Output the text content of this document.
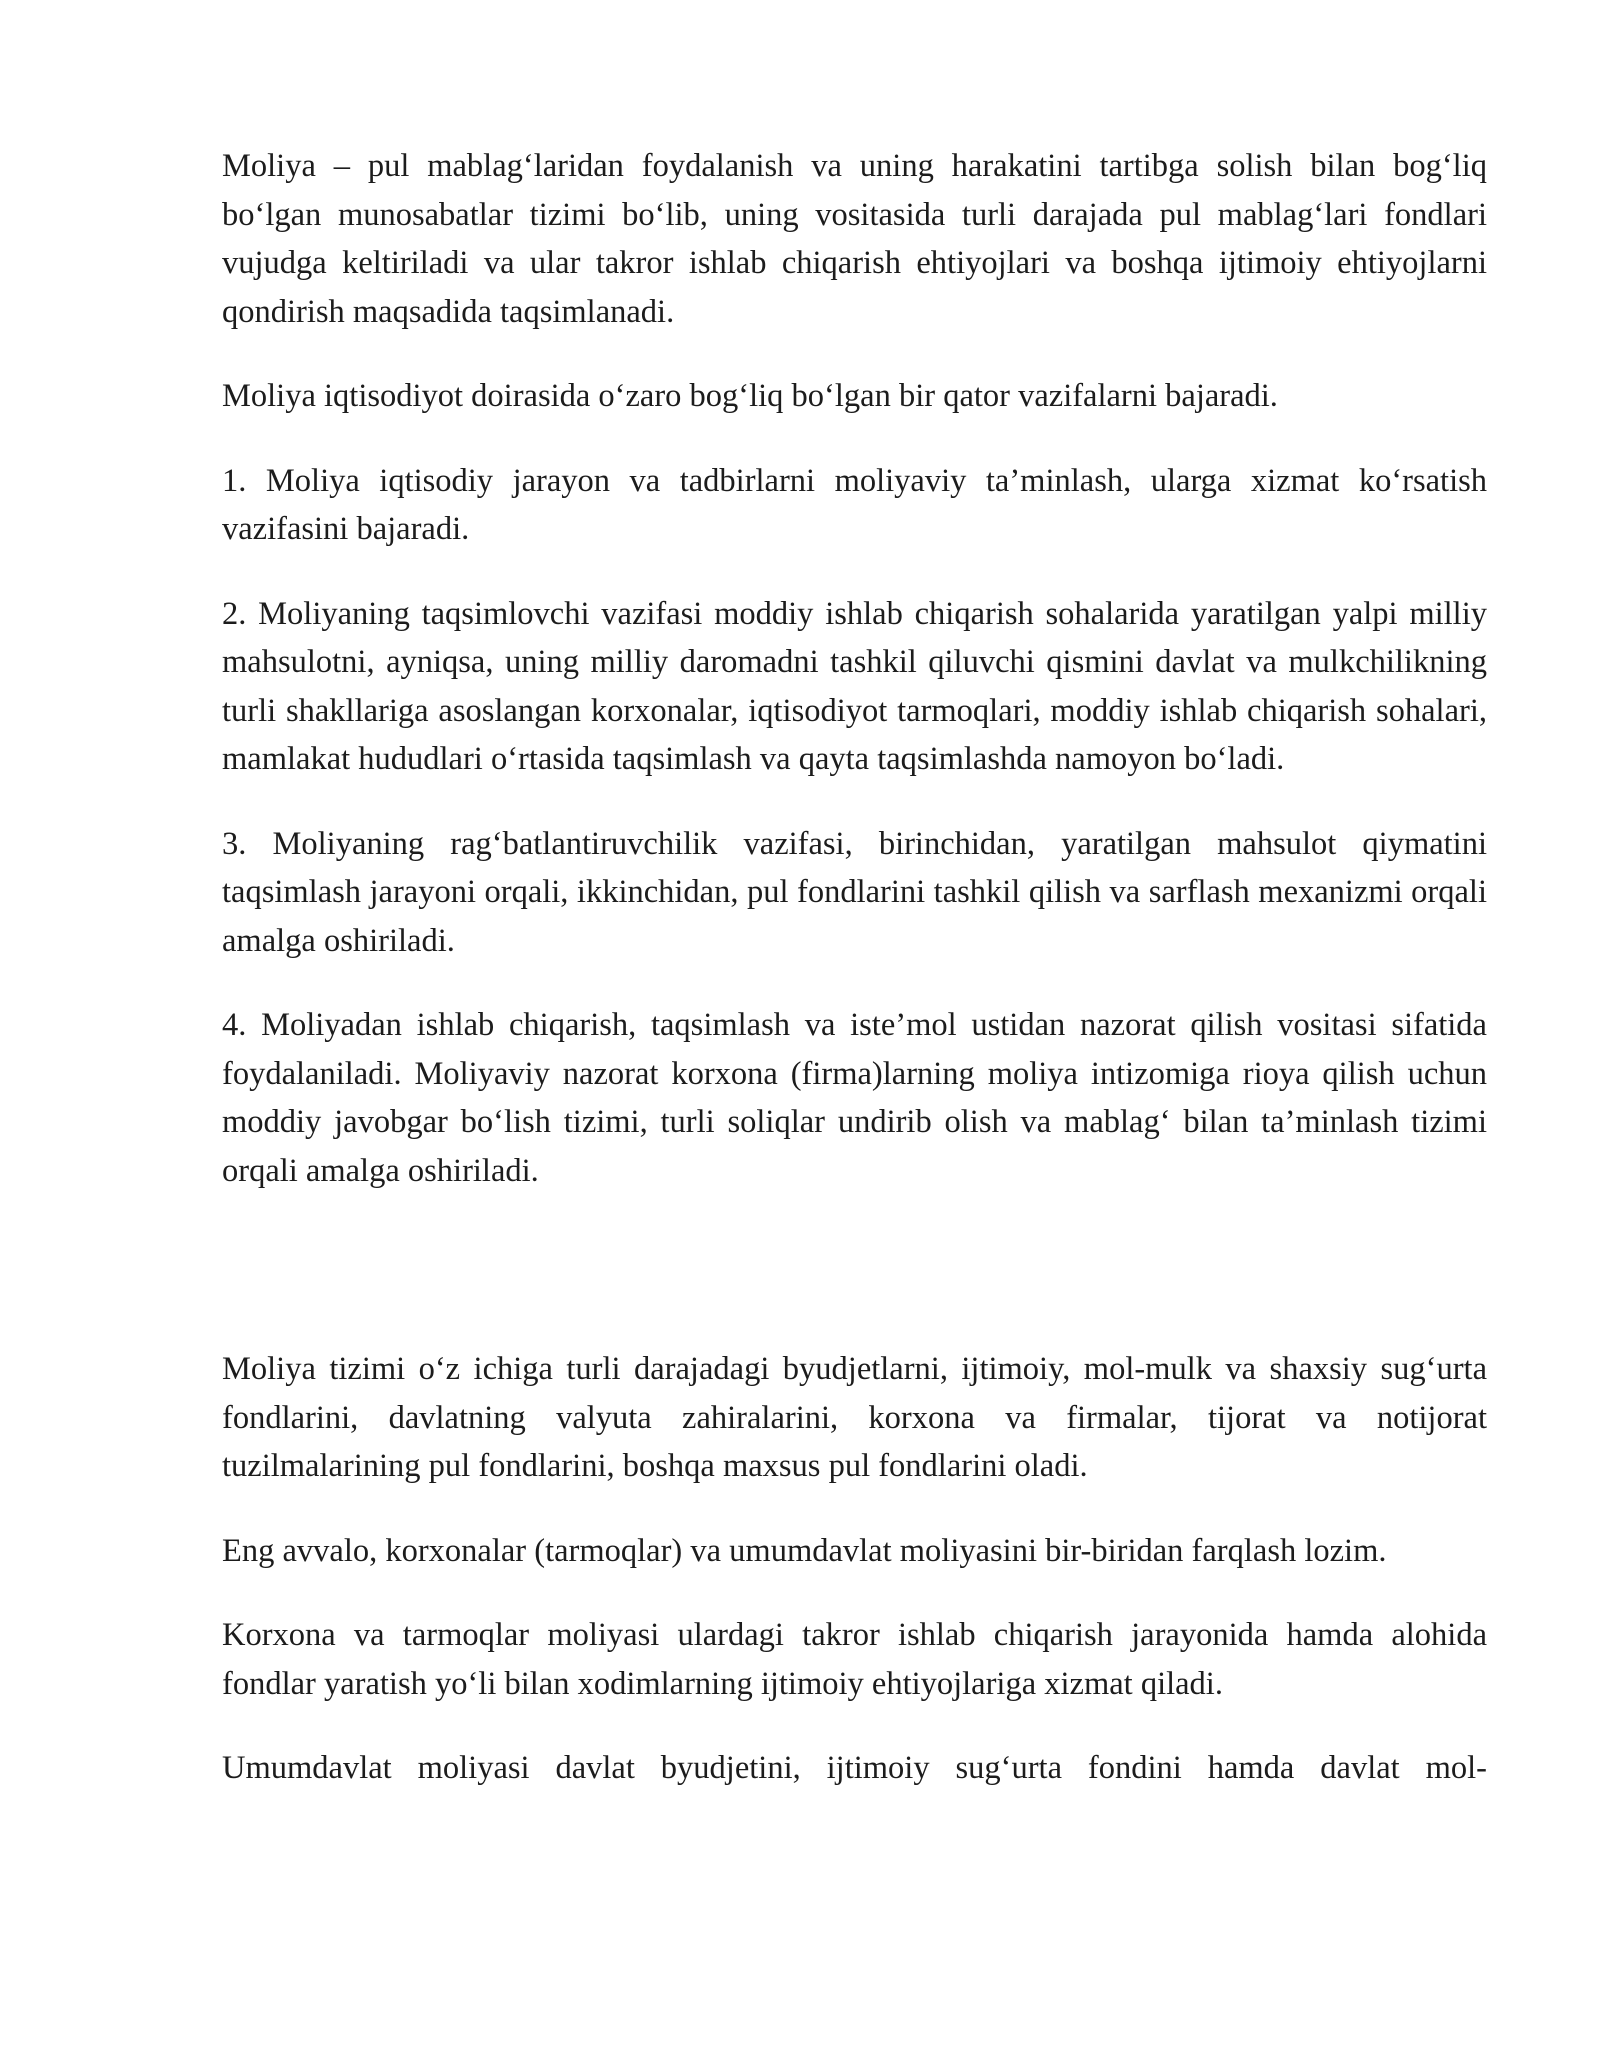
Moliya – pul mablag‘laridan foydalanish va uning harakatini tartibga solish bilan bog‘liq bo‘lgan munosabatlar tizimi bo‘lib, uning vositasida turli darajada pul mablag‘lari fondlari vujudga keltiriladi va ular takror ishlab chiqarish ehtiyojlari va boshqa ijtimoiy ehtiyojlarni qondirish maqsadida taqsimlanadi.

Moliya iqtisodiyot doirasida o‘zaro bog‘liq bo‘lgan bir qator vazifalarni bajaradi.

1. Moliya iqtisodiy jarayon va tadbirlarni moliyaviy ta’minlash, ularga xizmat ko‘rsatish vazifasini bajaradi.

2. Moliyaning taqsimlovchi vazifasi moddiy ishlab chiqarish sohalarida yaratilgan yalpi milliy mahsulotni, ayniqsa, uning milliy daromadni tashkil qiluvchi qismini davlat va mulkchilikning turli shakllariga asoslangan korxonalar, iqtisodiyot tarmoqlari, moddiy ishlab chiqarish sohalari, mamlakat hududlari o‘rtasida taqsimlash va qayta taqsimlashda namoyon bo‘ladi.

3. Moliyaning rag‘batlantiruvchilik vazifasi, birinchidan, yaratilgan mahsulot qiymatini taqsimlash jarayoni orqali, ikkinchidan, pul fondlarini tashkil qilish va sarflash mexanizmi orqali amalga oshiriladi.

4. Moliyadan ishlab chiqarish, taqsimlash va iste’mol ustidan nazorat qilish vositasi sifatida foydalaniladi. Moliyaviy nazorat korxona (firma)larning moliya intizomiga rioya qilish uchun moddiy javobgar bo‘lish tizimi, turli soliqlar undirib olish va mablag‘ bilan ta’minlash tizimi orqali amalga oshiriladi.

Moliya tizimi o‘z ichiga turli darajadagi byudjetlarni, ijtimoiy, mol-mulk va shaxsiy sug‘urta fondlarini, davlatning valyuta zahiralarini, korxona va firmalar, tijorat va notijorat tuzilmalarining pul fondlarini, boshqa maxsus pul fondlarini oladi.

Eng avvalo, korxonalar (tarmoqlar) va umumdavlat moliyasini bir-biridan farqlash lozim.

Korxona va tarmoqlar moliyasi ulardagi takror ishlab chiqarish jarayonida hamda alohida fondlar yaratish yo‘li bilan xodimlarning ijtimoiy ehtiyojlariga xizmat qiladi.

Umumdavlat moliyasi davlat byudjetini, ijtimoiy sug‘urta fondini hamda davlat mol-
